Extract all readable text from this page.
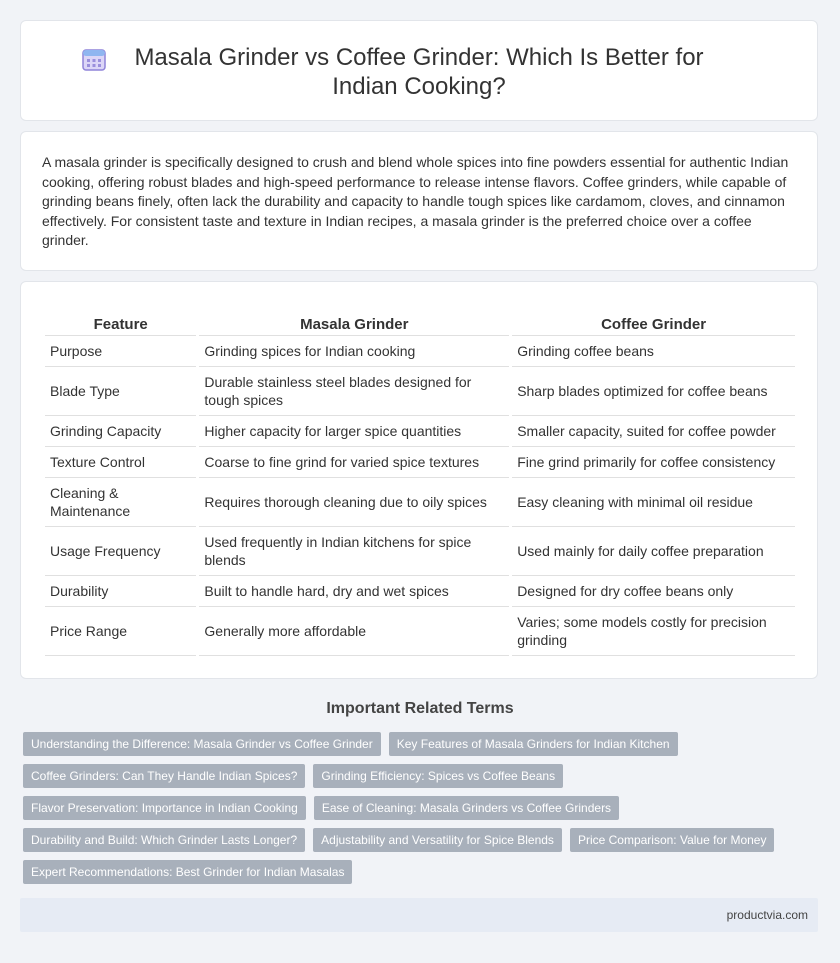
Masala Grinder vs Coffee Grinder: Which Is Better for Indian Cooking?

A masala grinder is specifically designed to crush and blend whole spices into fine powders essential for authentic Indian cooking, offering robust blades and high-speed performance to release intense flavors. Coffee grinders, while capable of grinding beans finely, often lack the durability and capacity to handle tough spices like cardamom, cloves, and cinnamon effectively. For consistent taste and texture in Indian recipes, a masala grinder is the preferred choice over a coffee grinder.

Feature	Masala Grinder	Coffee Grinder
Purpose	Grinding spices for Indian cooking	Grinding coffee beans
Blade Type	Durable stainless steel blades designed for tough spices	Sharp blades optimized for coffee beans
Grinding Capacity	Higher capacity for larger spice quantities	Smaller capacity, suited for coffee powder
Texture Control	Coarse to fine grind for varied spice textures	Fine grind primarily for coffee consistency
Cleaning & Maintenance	Requires thorough cleaning due to oily spices	Easy cleaning with minimal oil residue
Usage Frequency	Used frequently in Indian kitchens for spice blends	Used mainly for daily coffee preparation
Durability	Built to handle hard, dry and wet spices	Designed for dry coffee beans only
Price Range	Generally more affordable	Varies; some models costly for precision grinding
Important Related Terms
Understanding the Difference: Masala Grinder vs Coffee Grinder	Key Features of Masala Grinders for Indian Kitchen
Coffee Grinders: Can They Handle Indian Spices?	Grinding Efficiency: Spices vs Coffee Beans
Flavor Preservation: Importance in Indian Cooking	Ease of Cleaning: Masala Grinders vs Coffee Grinders
Durability and Build: Which Grinder Lasts Longer?	Adjustability and Versatility for Spice Blends	Price Comparison: Value for Money
Expert Recommendations: Best Grinder for Indian Masalas
productvia.com
